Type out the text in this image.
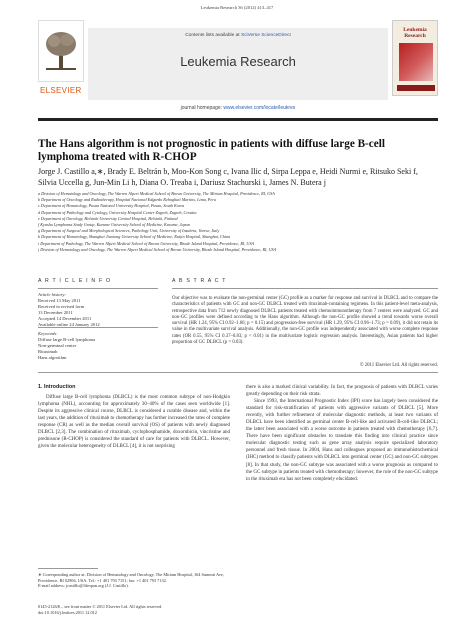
Leukemia Research 36 (2012) 413–417
ELSEVIER
Contents lists available at SciVerse ScienceDirect
Leukemia Research
journal homepage: www.elsevier.com/locate/leukres
Leukemia Research
The Hans algorithm is not prognostic in patients with diffuse large B-cell lymphoma treated with R-CHOP
Jorge J. Castillo a,∗, Brady E. Beltrán b, Moo-Kon Song c, Ivana Ilic d, Sirpa Leppa e, Heidi Nurmi e, Ritsuko Seki f, Silvia Uccella g, Jun-Min Li h, Diana O. Treaba i, Dariusz Stachurski i, James N. Butera j
a Division of Hematology and Oncology, The Warren Alpert Medical School of Brown University, The Miriam Hospital, Providence, RI, USA
b Department of Oncology and Radiotherapy, Hospital Nacional Edgardo Rebagliati Martins, Lima, Peru
c Department of Hematology, Pusan National University Hospital, Pusan, South Korea
d Department of Pathology and Cytology, University Hospital Center Zagreb, Zagreb, Croatia
e Department of Oncology, Helsinki University Central Hospital, Helsinki, Finland
f Kyushu Lymphoma Study Group, Kurume University School of Medicine, Kurume, Japan
g Department of Surgical and Morphological Sciences, Pathology Unit, University of Insubria, Varese, Italy
h Department of Hematology, Shanghai Jiaotong University School of Medicine, Ruijin Hospital, Shanghai, China
i Department of Pathology, The Warren Alpert Medical School of Brown University, Rhode Island Hospital, Providence, RI, USA
j Division of Hematology and Oncology, The Warren Alpert Medical School of Brown University, Rhode Island Hospital, Providence, RI, USA
A R T I C L E I N F O	A B S T R A C T
Article history:
Received 13 May 2011
Received in revised form
13 December 2011
Accepted 14 December 2011
Available online 24 January 2012
Keywords:
Diffuse large B-cell lymphoma
Non-germinal center
Rituximab
Hans algorithm
Our objective was to evaluate the non-germinal center (GC) profile as a marker for response and survival in DLBCL and to compare the characteristics of patients with GC and non-GC DLBCL treated with rituximab-containing regimens. In this patient-level meta-analysis, retrospective data from 712 newly diagnosed DLBCL patients treated with chemoimmunotherapy from 7 centers were analyzed. GC and non-GC profiles were defined according to the Hans algorithm. Although the non-GC profile showed a trend towards worse overall survival (HR 1.24, 95% CI 0.92–1.66; p = 0.15) and progression-free survival (HR 1.29, 95% CI 0.96–1.73; p = 0.09), it did not retain its value in the multivariate survival analysis. Additionally, the non-GC profile was independently associated with worse complete response rates (OR 0.55, 95% CI 0.37–0.83; p < 0.01) in the multivariate logistic regression analysis. Interestingly, Asian patients had higher proportion of GC DLBCL (p = 0.03).
© 2011 Elsevier Ltd. All rights reserved.
1. Introduction

Diffuse large B-cell lymphoma (DLBCL) is the most common subtype of non-Hodgkin lymphoma (NHL), accounting for approximately 30–40% of the cases seen worldwide [1]. Despite its aggressive clinical course, DLBCL is considered a curable disease and, within the last years, the addition of rituximab to chemotherapy has further increased the rates of complete response (CR) as well as the median overall survival (OS) of patients with newly diagnosed DLBCL [2,3]. The combination of rituximab, cyclophosphamide, doxorubicin, vincristine and prednisone (R-CHOP) is considered the standard of care for patients with DLBCL. However, given the molecular heterogeneity of DLBCL [4], it is not surprising

there is also a marked clinical variability. In fact, the prognosis of patients with DLBCL varies greatly depending on their risk strata.

Since 1993, the International Prognostic Index (IPI) score has largely been considered the standard for risk-stratification of patients with aggressive variants of DLBCL [5]. More recently, with further refinement of molecular diagnostic methods, at least two variants of DLBCL have been identified as germinal center B-cell-like and activated B-cell-like DLBCL; the latter been associated with a worse outcome in patients treated with chemotherapy [6,7]. There have been significant obstacles to translate this finding into clinical practice since molecular diagnostic testing such as gene array analysis require specialized laboratory personnel and fresh tissue. In 2004, Hans and colleagues proposed an immunohistochemical (IHC) method to classify patients with DLBCL into germinal center (GC) and non-GC subtypes [8]. In that study, the non-GC subtype was associated with a worse prognosis as compared to the GC subtype in patients treated with chemotherapy; however, the role of the non-GC subtype in the rituximab era has not been completely elucidated.

∗ Corresponding author at: Division of Hematology and Oncology, The Miriam Hospital, 164 Summit Ave, Providence, RI 02906, USA. Tel.: +1 401 793 7151; fax: +1 401 793 7132.
E-mail address: jcastillo@lifespan.org (J.J. Castillo).
0145-2126/$ – see front matter © 2011 Elsevier Ltd. All rights reserved.
doi:10.1016/j.leukres.2011.12.012
